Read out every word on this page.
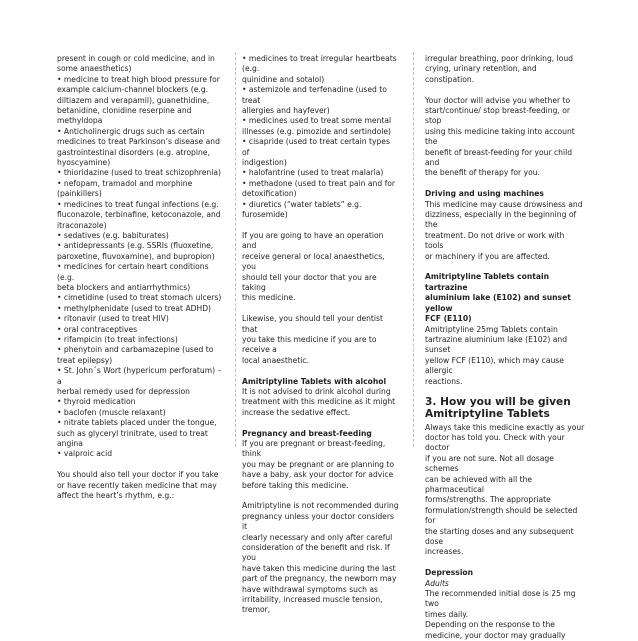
present in cough or cold medicine, and in
some anaesthetics)
• medicine to treat high blood pressure for
example calcium-channel blockers (e.g.
diltiazem and verapamil), guanethidine,
betanidine, clonidine reserpine and
methyldopa
• Anticholinergic drugs such as certain
medicines to treat Parkinson’s disease and
gastrointestinal disorders (e.g. atropine,
hyoscyamine)
• thioridazine (used to treat schizophrenia)
• nefopam, tramadol and morphine
(painkillers)
• medicines to treat fungal infections (e.g.
fluconazole, terbinafine, ketoconazole, and
itraconazole)
• sedatives (e.g. babiturates)
• antidepressants (e.g. SSRIs (fluoxetine,
paroxetine, fluvoxamine), and bupropion)
• medicines for certain heart conditions (e.g.
beta blockers and antiarrhythmics)
• cimetidine (used to treat stomach ulcers)
• methylphenidate (used to treat ADHD)
• ritonavir (used to treat HIV)
• oral contraceptives
• rifampicin (to treat infections)
• phenytoin and carbamazepine (used to
treat epilepsy)
• St. John´s Wort (hypericum perforatum) – a
herbal remedy used for depression
• thyroid medication
• baclofen (muscle relaxant)
• nitrate tablets placed under the tongue,
such as glyceryl trinitrate, used to treat
angina
• valproic acid
You should also tell your doctor if you take
or have recently taken medicine that may
affect the heart’s rhythm, e.g.:
• medicines to treat irregular heartbeats (e.g.
quinidine and sotalol)
• astemizole and terfenadine (used to treat
allergies and hayfever)
• medicines used to treat some mental
illnesses (e.g. pimozide and sertindole)
• cisapride (used to treat certain types of
indigestion)
• halofantrine (used to treat malaria)
• methadone (used to treat pain and for
detoxification)
• diuretics (“water tablets” e.g. furosemide)
If you are going to have an operation and
receive general or local anaesthetics, you
should tell your doctor that you are taking
this medicine.
Likewise, you should tell your dentist that
you take this medicine if you are to receive a
local anaesthetic.
Amitriptyline Tablets with alcohol
It is not advised to drink alcohol during
treatment with this medicine as it might
increase the sedative effect.
Pregnancy and breast-feeding
If you are pregnant or breast-feeding, think
you may be pregnant or are planning to
have a baby, ask your doctor for advice
before taking this medicine.
Amitriptyline is not recommended during
pregnancy unless your doctor considers it
clearly necessary and only after careful
consideration of the benefit and risk. If you
have taken this medicine during the last
part of the pregnancy, the newborn may
have withdrawal symptoms such as
irritability, increased muscle tension, tremor,
irregular breathing, poor drinking, loud
crying, urinary retention, and constipation.
Your doctor will advise you whether to
start/continue/ stop breast-feeding, or stop
using this medicine taking into account the
benefit of breast-feeding for your child and
the benefit of therapy for you.
Driving and using machines
This medicine may cause drowsiness and
dizziness, especially in the beginning of the
treatment. Do not drive or work with tools
or machinery if you are affected.
Amitriptyline Tablets contain tartrazine
aluminium lake (E102) and sunset yellow
FCF (E110)
Amitriptyline 25mg Tablets contain
tartrazine aluminium lake (E102) and sunset
yellow FCF (E110), which may cause allergic
reactions.
3. How you will be given
Amitriptyline Tablets
Always take this medicine exactly as your
doctor has told you. Check with your doctor
if you are not sure. Not all dosage schemes
can be achieved with all the pharmaceutical
forms/strengths. The appropriate
formulation/strength should be selected for
the starting doses and any subsequent dose
increases.
Depression
Adults
The recommended initial dose is 25 mg two
times daily.
Depending on the response to the
medicine, your doctor may gradually
